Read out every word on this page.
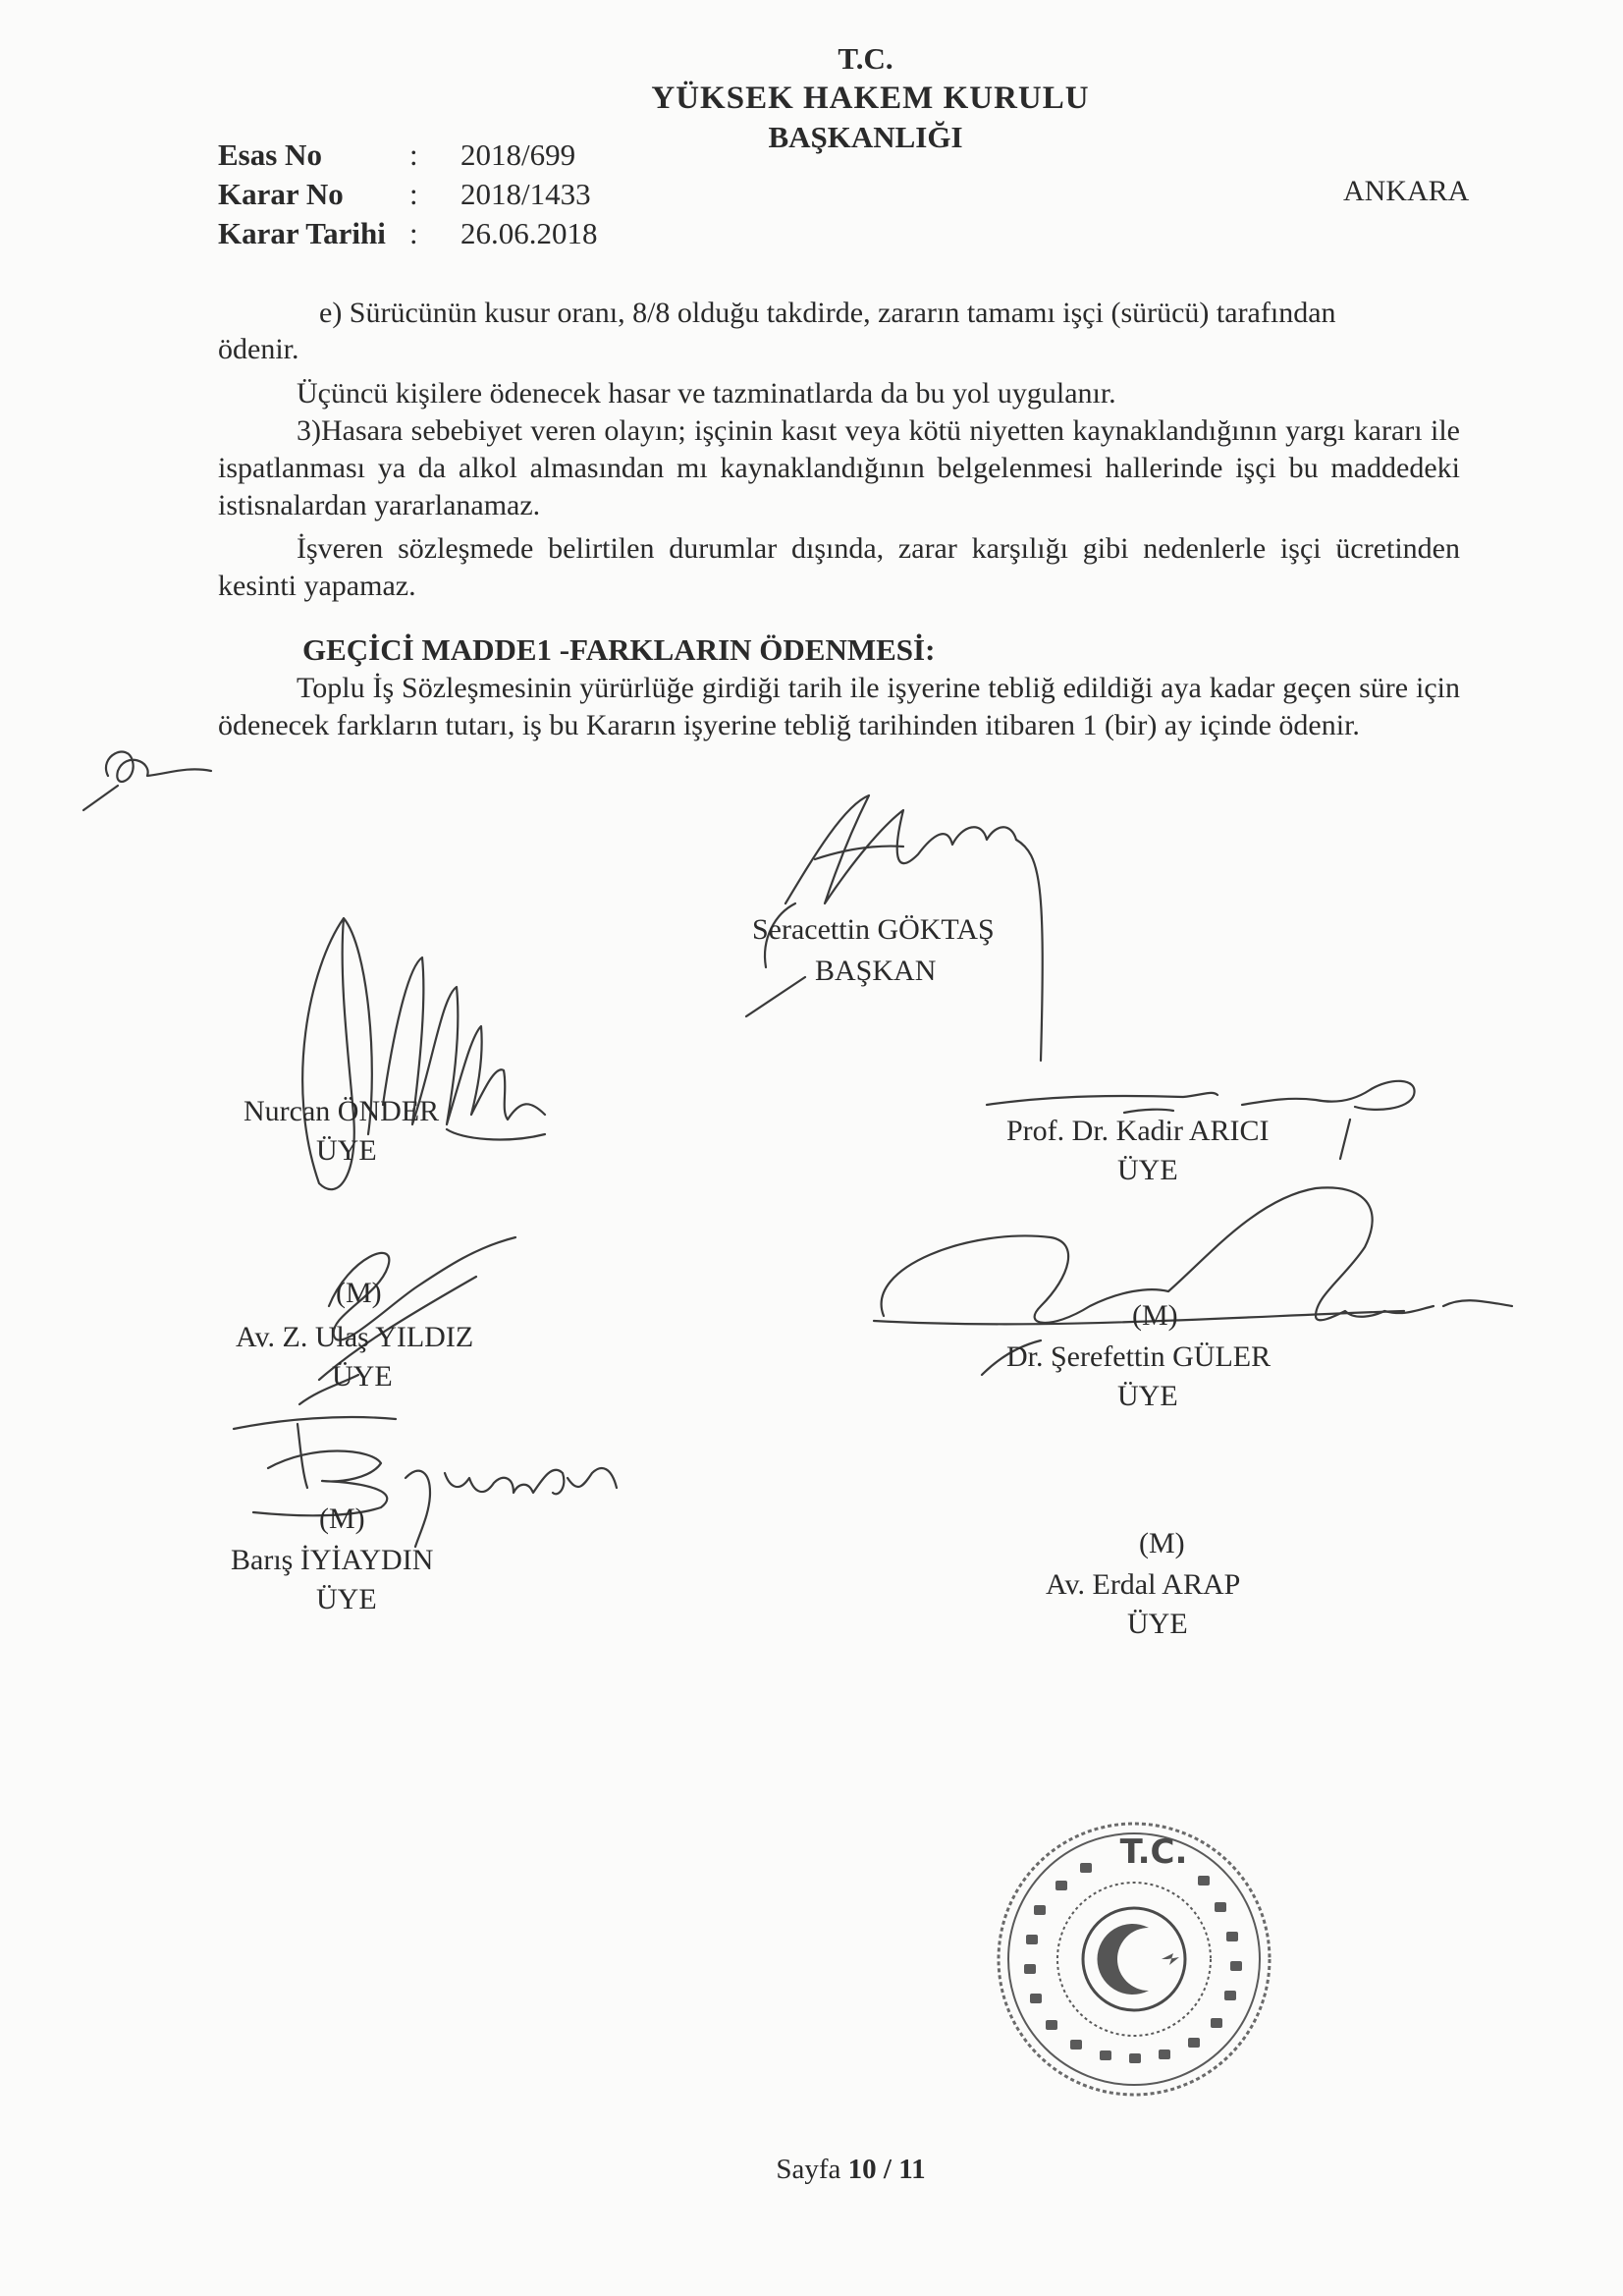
T.C.
YÜKSEK HAKEM KURULU
BAŞKANLIĞI
ANKARA
Esas No	: 2018/699
Karar No : 2018/1433
Karar Tarihi : 26.06.2018
e) Sürücünün kusur oranı, 8/8 olduğu takdirde, zararın tamamı işçi (sürücü) tarafından
ödenir.
Üçüncü kişilere ödenecek hasar ve tazminatlarda da bu yol uygulanır.
3)Hasara sebebiyet veren olayın; işçinin kasıt veya kötü niyetten kaynaklandığının yargı kararı ile ispatlanması ya da alkol almasından mı kaynaklandığının belgelenmesi hallerinde işçi bu maddedeki istisnalardan yararlanamaz.
İşveren sözleşmede belirtilen durumlar dışında, zarar karşılığı gibi nedenlerle işçi ücretinden kesinti yapamaz.
GEÇİCİ MADDE1 -FARKLARIN ÖDENMESİ:
Toplu İş Sözleşmesinin yürürlüğe girdiği tarih ile işyerine tebliğ edildiği aya kadar geçen süre için ödenecek farkların tutarı, iş bu Kararın işyerine tebliğ tarihinden itibaren 1 (bir) ay içinde ödenir.
Seracettin GÖKTAŞ
BAŞKAN
Nurcan ÖNDER
ÜYE
Prof. Dr. Kadir ARICI
ÜYE
(M)
Av. Z. Ulaş YILDIZ
ÜYE
(M)
Dr. Şerefettin GÜLER
ÜYE
(M)
Barış İYİAYDIN
ÜYE
(M)
Av. Erdal ARAP
ÜYE
T.C.
Sayfa 10 / 11
